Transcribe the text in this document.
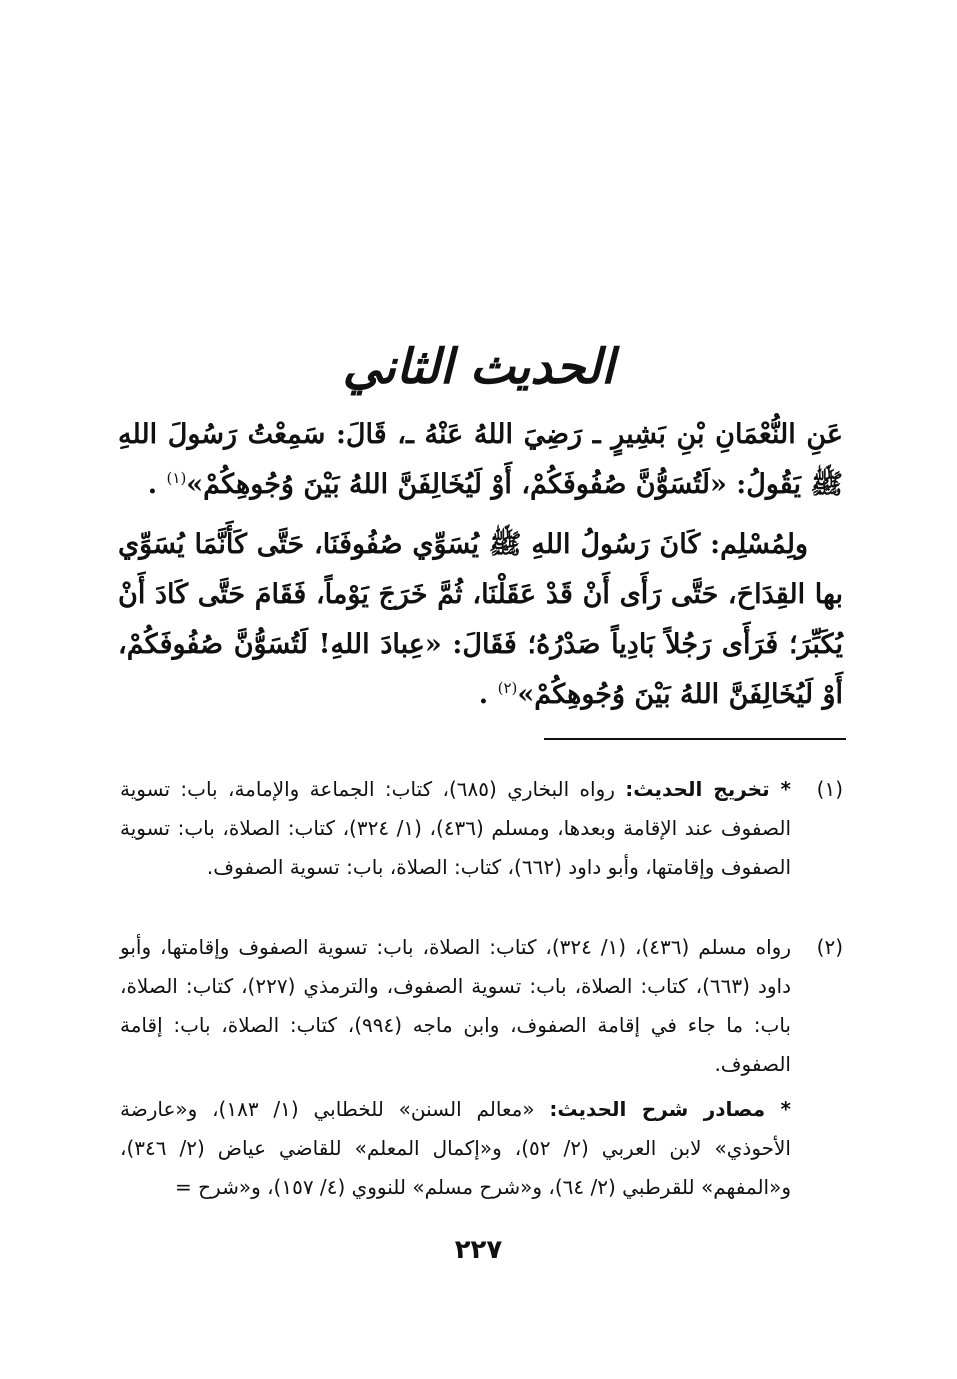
الحديث الثاني

عَنِ النُّعْمَانِ بْنِ بَشِيرٍ ـ رَضِيَ اللهُ عَنْهُ ـ، قَالَ: سَمِعْتُ رَسُولَ اللهِ ﷺ يَقُولُ: «لَتُسَوُّنَّ صُفُوفَكُمْ، أَوْ لَيُخَالِفَنَّ اللهُ بَيْنَ وُجُوهِكُمْ»$^{(١)}$ .

ولِمُسْلِم: كَانَ رَسُولُ اللهِ ﷺ يُسَوِّي صُفُوفَنَا، حَتَّى كَأَنَّمَا يُسَوِّي بها القِدَاحَ، حَتَّى رَأَى أَنْ قَدْ عَقَلْنَا، ثُمَّ خَرَجَ يَوْماً، فَقَامَ حَتَّى كَادَ أَنْ يُكَبِّرَ؛ فَرَأَى رَجُلاً بَادِياً صَدْرُهُ؛ فَقَالَ: «عِبادَ اللهِ! لَتُسَوُّنَّ صُفُوفَكُمْ، أَوْ لَيُخَالِفَنَّ اللهُ بَيْنَ وُجُوهِكُمْ»$^{(٢)}$ .

(١)

* تخريج الحديث: رواه البخاري (٦٨٥)، كتاب: الجماعة والإمامة، باب: تسوية الصفوف عند الإقامة وبعدها، ومسلم (٤٣٦)، (١/ ٣٢٤)، كتاب: الصلاة، باب: تسوية الصفوف وإقامتها، وأبو داود (٦٦٢)، كتاب: الصلاة، باب: تسوية الصفوف.

(٢)

رواه مسلم (٤٣٦)، (١/ ٣٢٤)، كتاب: الصلاة، باب: تسوية الصفوف وإقامتها، وأبو داود (٦٦٣)، كتاب: الصلاة، باب: تسوية الصفوف، والترمذي (٢٢٧)، كتاب: الصلاة، باب: ما جاء في إقامة الصفوف، وابن ماجه (٩٩٤)، كتاب: الصلاة، باب: إقامة الصفوف.

* مصادر شرح الحديث: «معالم السنن» للخطابي (١/ ١٨٣)، و«عارضة الأحوذي» لابن العربي (٢/ ٥٢)، و«إكمال المعلم» للقاضي عياض (٢/ ٣٤٦)، و«المفهم» للقرطبي (٢/ ٦٤)، و«شرح مسلم» للنووي (٤/ ١٥٧)، و«شرح =

٢٢٧
